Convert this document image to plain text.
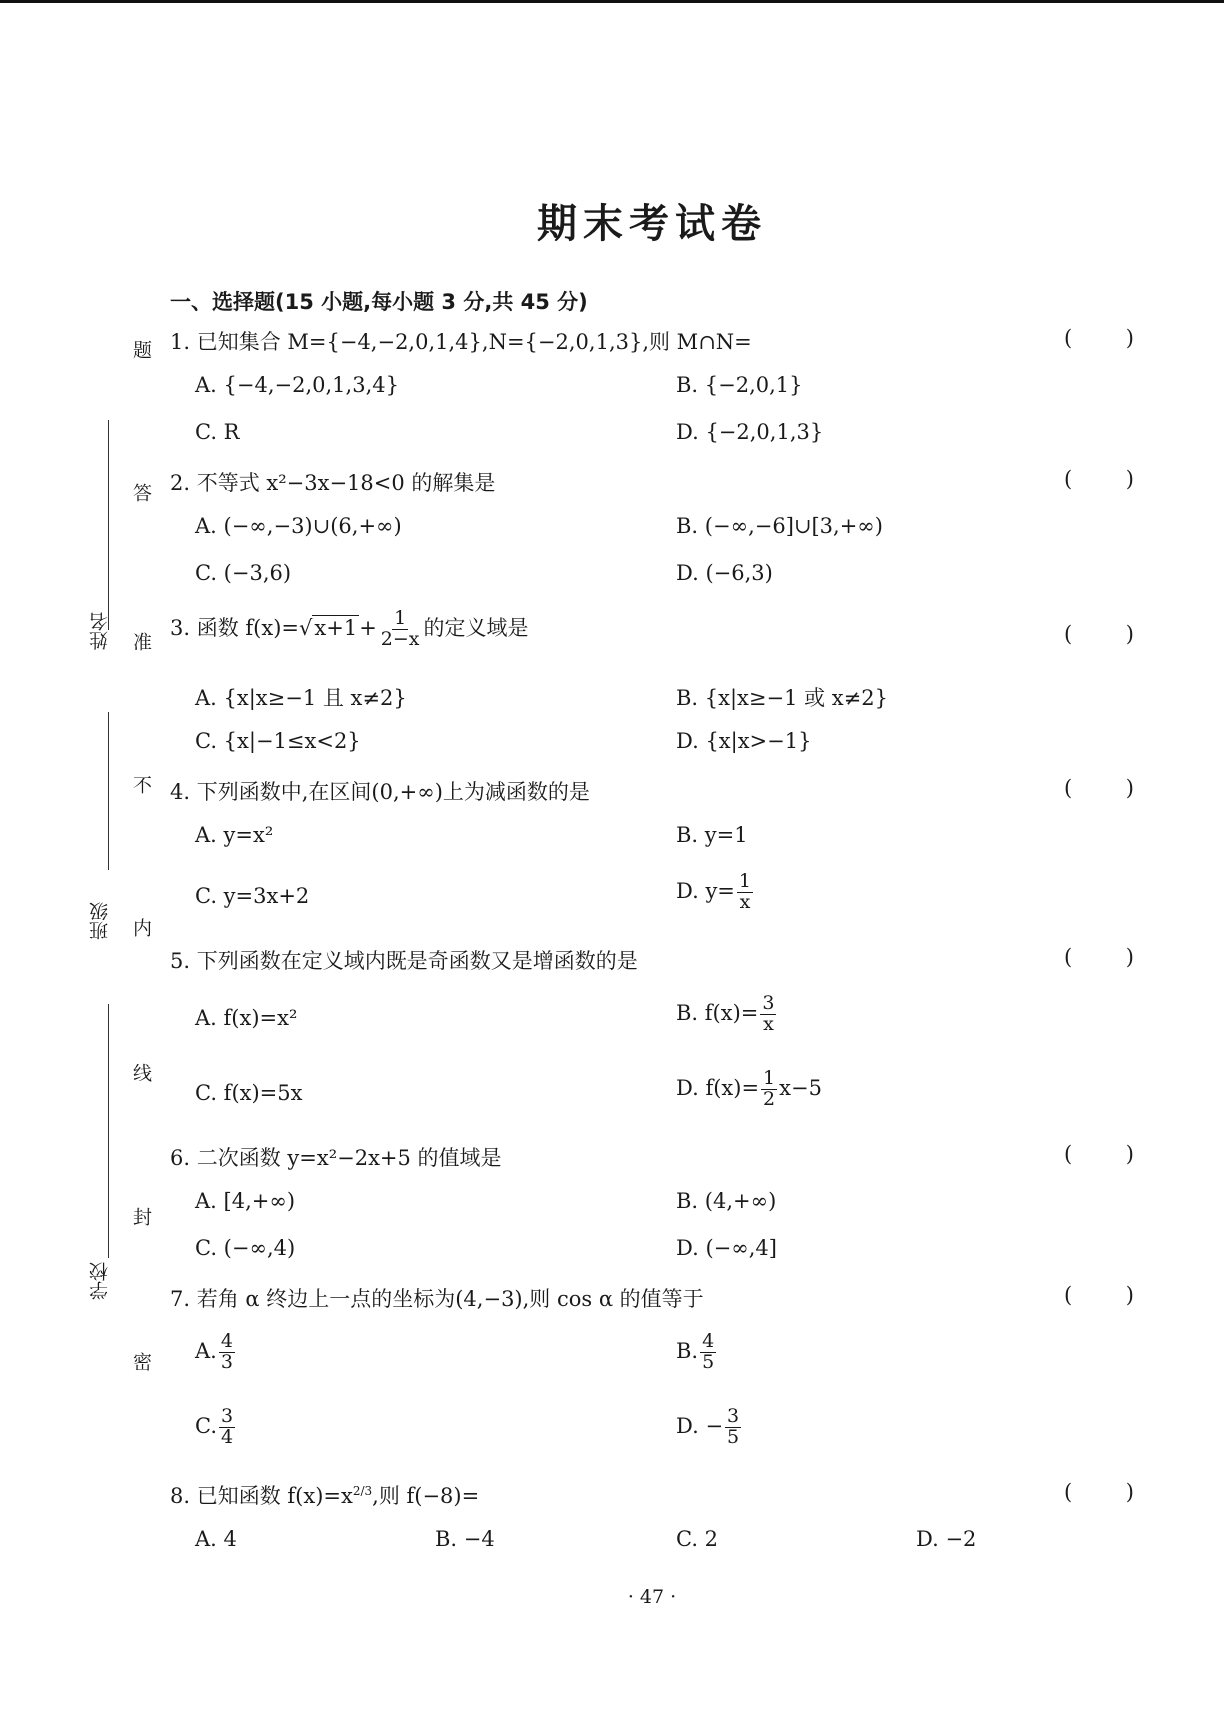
姓名
班级
学校
题
答
准
不
内
线
封
密
期末考试卷
一、选择题(15 小题,每小题 3 分,共 45 分)
1. 已知集合 M={−4,−2,0,1,4},N={−2,0,1,3},则 M∩N=	(	)
A. {−4,−2,0,1,3,4}	B. {−2,0,1}
C. R	D. {−2,0,1,3}
2. 不等式 x²−3x−18<0 的解集是	(	)
A. (−∞,−3)∪(6,+∞)	B. (−∞,−6]∪[3,+∞)
C. (−3,6)	D. (−6,3)
3. 函数 $f(x)=√x+1+ \frac{1}{2-x}$ 的定义域是	(	)
A. {x|x≥−1 且 x≠2}	B. {x|x≥−1 或 x≠2}
C. {x|−1≤x<2}	D. {x|x>−1}
4. 下列函数中,在区间(0,+∞)上为减函数的是	(	)
A. y=x²	B. y=1
C. y=3x+2	D. $y= \frac{1}{x}$
5. 下列函数在定义域内既是奇函数又是增函数的是	(	)
A. f(x)=x²	B. $f(x)= \frac{3}{x}$
C. f(x)=5x	D. $f(x)= \frac{1}{2} x-5$
6. 二次函数 y=x²−2x+5 的值域是	(	)
A. [4,+∞)	B. (4,+∞)
C. (−∞,4)	D. (−∞,4]
7. 若角 α 终边上一点的坐标为(4,−3),则 cos α 的值等于	(	)
A. $\frac{4}{3}$	B. $\frac{4}{5}$
C. $\frac{3}{4}$	D. − $\frac{3}{5}$
8. 已知函数 $f(x)=x^{2/3}$,则 f(−8)=	(	)
A. 4	B. −4	C. 2	D. −2
· 47 ·
